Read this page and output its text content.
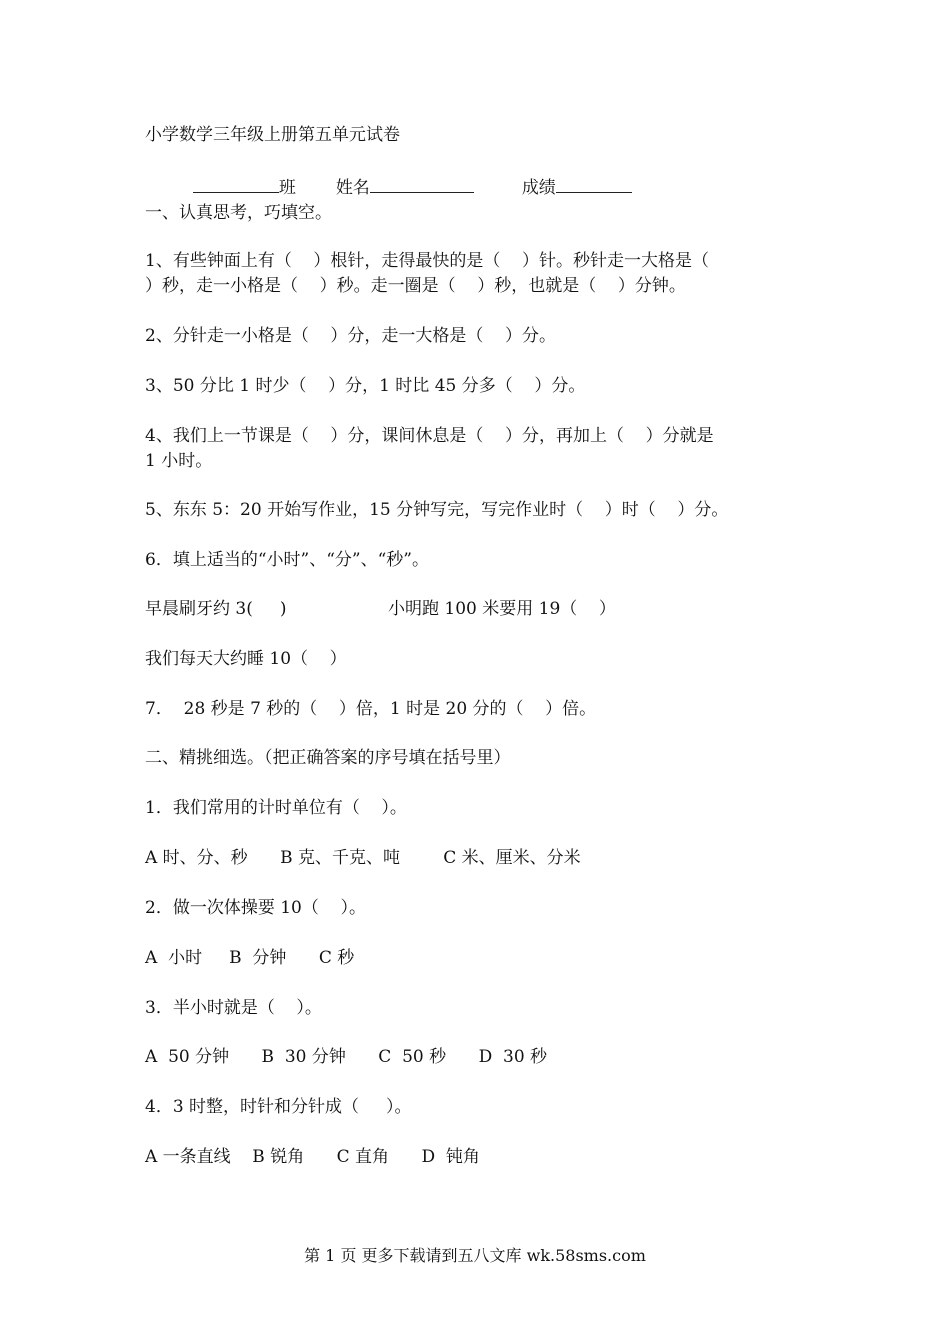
小学数学三年级上册第五单元试卷

班 姓名	成绩

一、认真思考，巧填空。

1、有些钟面上有（    ）根针，走得最快的是（    ）针。秒针走一大格是（

）秒，走一小格是（    ）秒。走一圈是（    ）秒，也就是（    ）分钟。

2、分针走一小格是（    ）分，走一大格是（    ）分。

3、50 分比 1 时少（    ）分，1 时比 45 分多（    ）分。

4、我们上一节课是（    ）分，课间休息是（    ）分，再加上（    ）分就是

1 小时。

5、东东 5：20 开始写作业，15 分钟写完，写完作业时（    ）时（    ）分。

6．填上适当的“小时”、“分”、“秒”。

早晨刷牙约 3(     )	小明跑 100 米要用 19（    ）

我们每天大约睡 10（    ）

7．  28 秒是 7 秒的（    ）倍，1 时是 20 分的（    ）倍。

二、精挑细选。（把正确答案的序号填在括号里）

1．我们常用的计时单位有（    ）。

A 时、分、秒      B 克、千克、吨        C 米、厘米、分米

2．做一次体操要 10（    ）。

A  小时     B  分钟      C 秒

3．半小时就是（    ）。

A  50 分钟      B  30 分钟      C  50 秒      D  30 秒

4．3 时整，时针和分针成（     ）。

A 一条直线    B 锐角      C 直角      D  钝角

第 1 页 更多下载请到五八文库 wk.58sms.com
